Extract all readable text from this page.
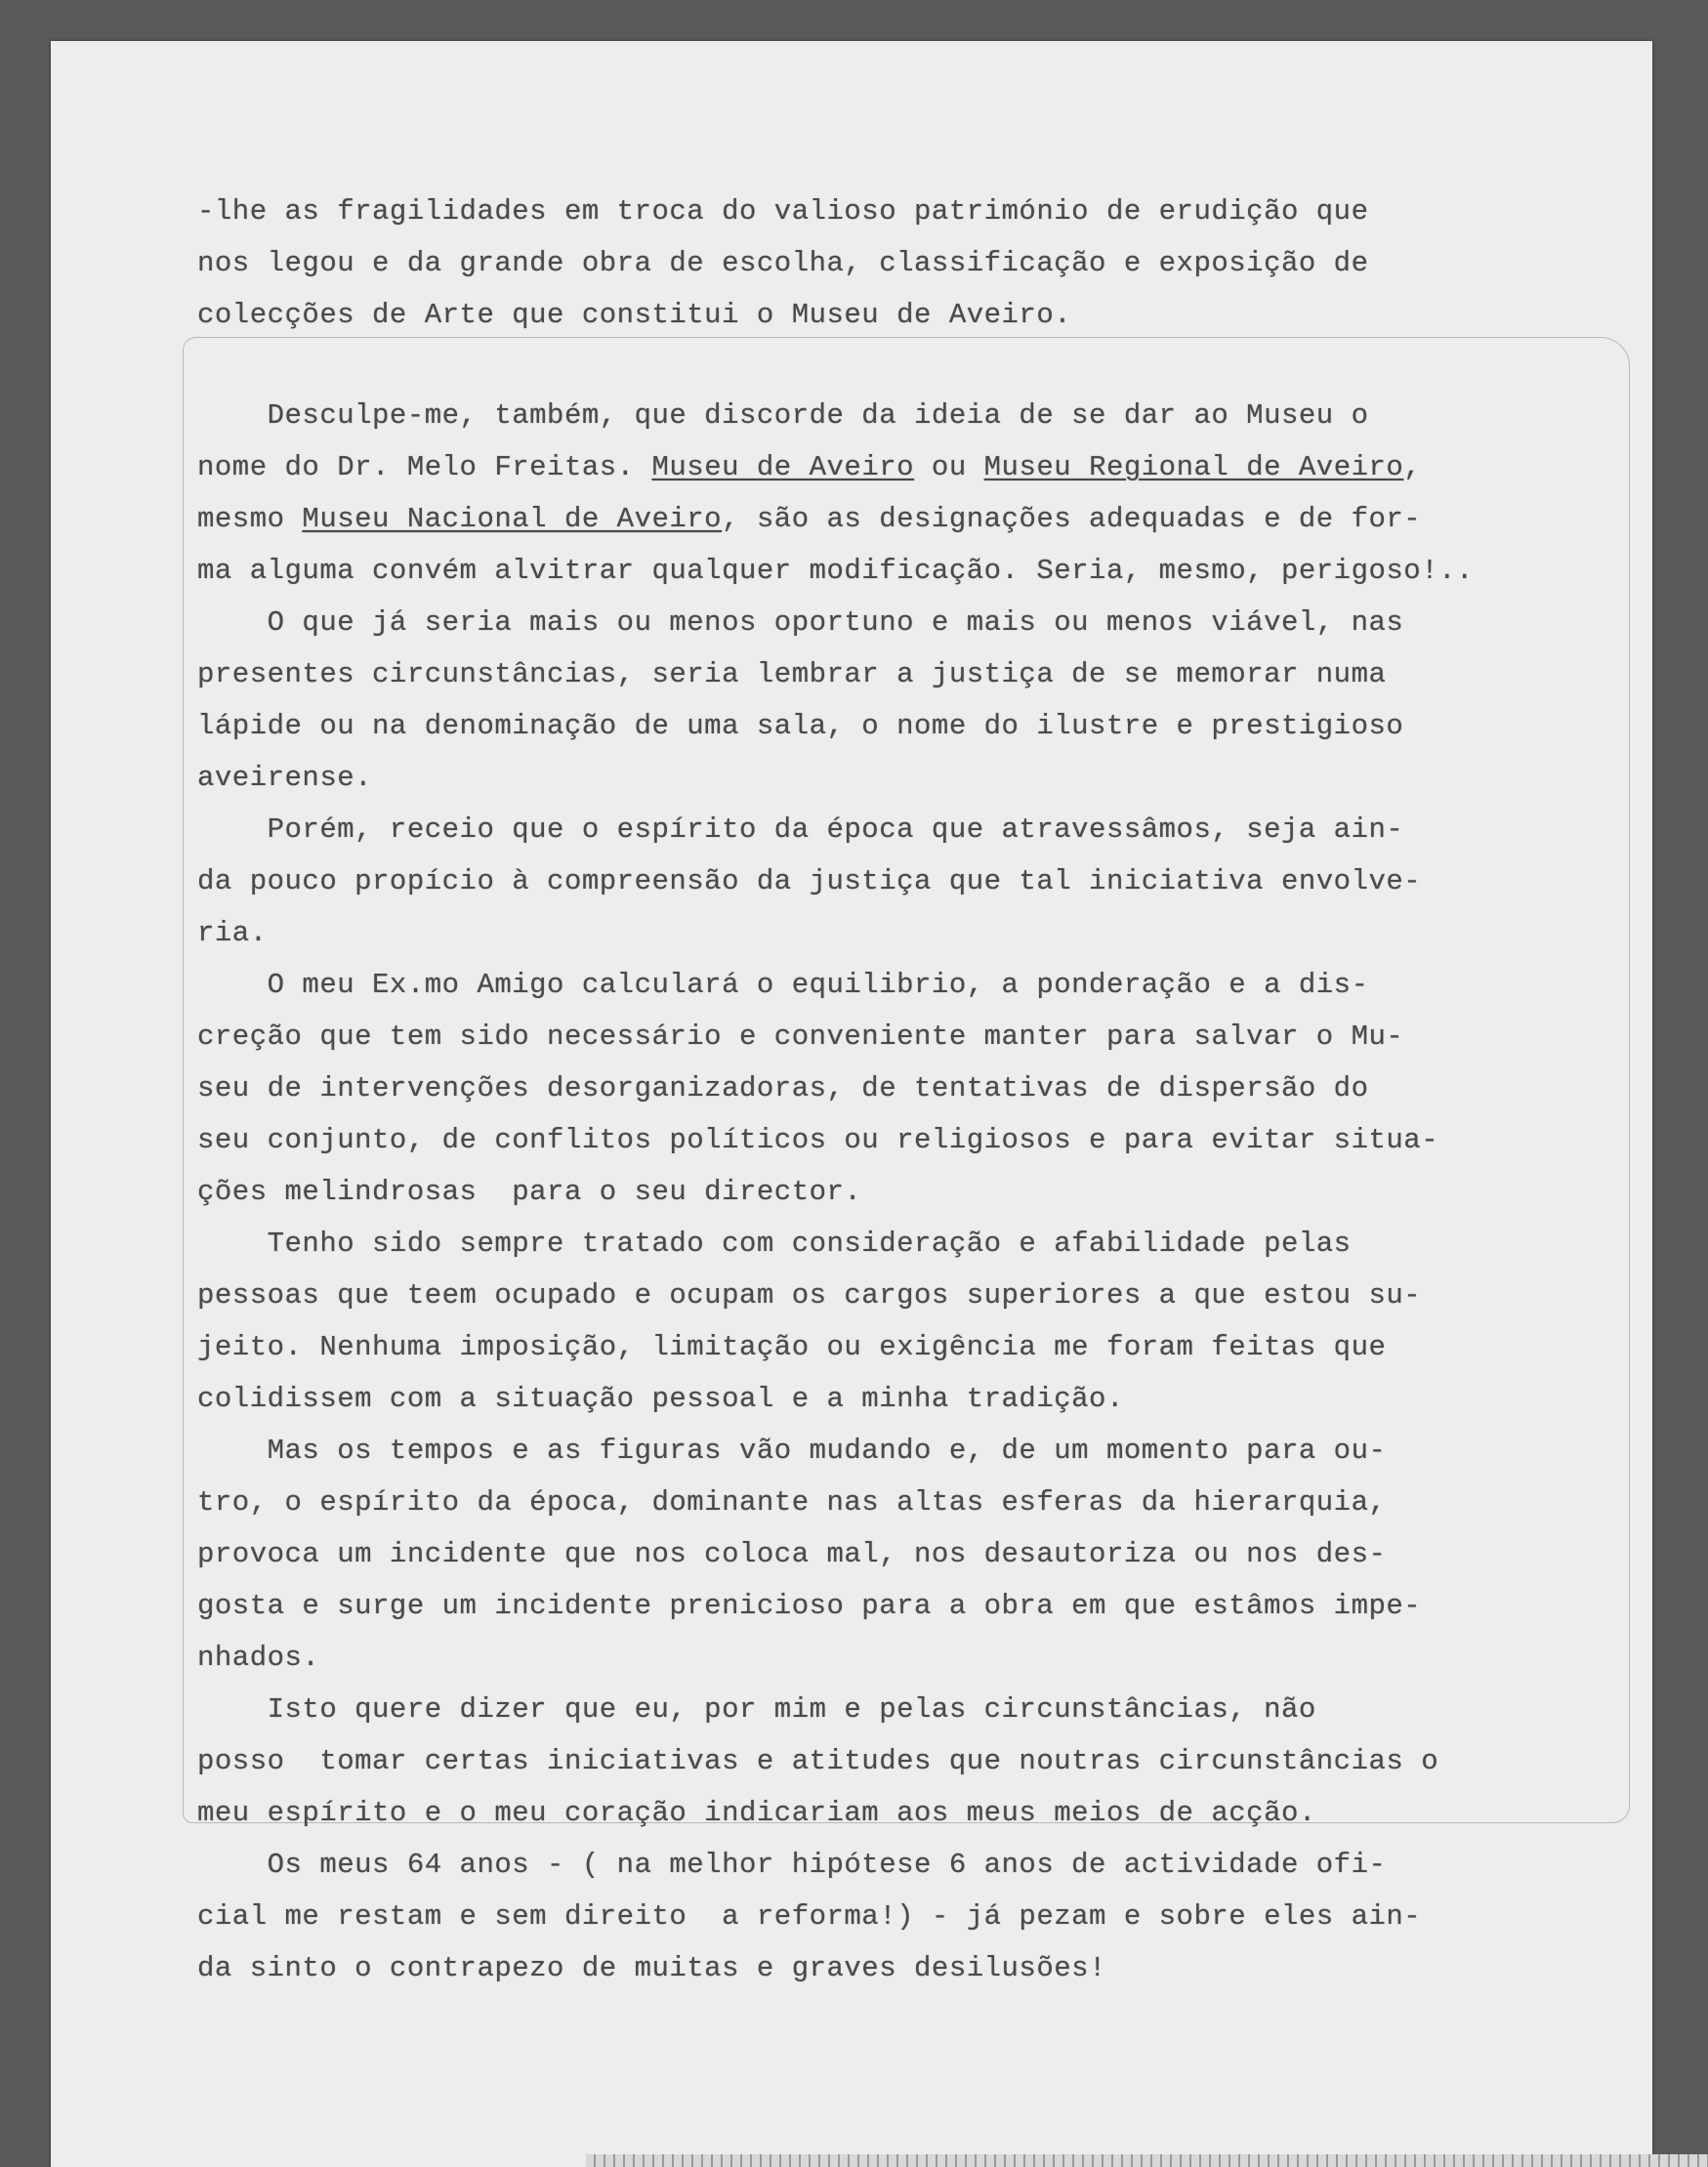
-lhe as fragilidades em troca do valioso património de erudição que
nos legou e da grande obra de escolha, classificação e exposição de
colecções de Arte que constitui o Museu de Aveiro.
Desculpe-me, também, que discorde da ideia de se dar ao Museu o
nome do Dr. Melo Freitas. Museu de Aveiro ou Museu Regional de Aveiro,
mesmo Museu Nacional de Aveiro, são as designações adequadas e de for-
ma alguma convém alvitrar qualquer modificação. Seria, mesmo, perigoso!..
O que já seria mais ou menos oportuno e mais ou menos viável, nas
presentes circunstâncias, seria lembrar a justiça de se memorar numa
lápide ou na denominação de uma sala, o nome do ilustre e prestigioso
aveirense.
Porém, receio que o espírito da época que atravessâmos, seja ain-
da pouco propício à compreensão da justiça que tal iniciativa envolve-
ria.
O meu Ex.mo Amigo calculará o equilibrio, a ponderação e a dis-
creção que tem sido necessário e conveniente manter para salvar o Mu-
seu de intervenções desorganizadoras, de tentativas de dispersão do
seu conjunto, de conflitos políticos ou religiosos e para evitar situa-
ções melindrosas  para o seu director.
Tenho sido sempre tratado com consideração e afabilidade pelas
pessoas que teem ocupado e ocupam os cargos superiores a que estou su-
jeito. Nenhuma imposição, limitação ou exigência me foram feitas que
colidissem com a situação pessoal e a minha tradição.
Mas os tempos e as figuras vão mudando e, de um momento para ou-
tro, o espírito da época, dominante nas altas esferas da hierarquia,
provoca um incidente que nos coloca mal, nos desautoriza ou nos des-
gosta e surge um incidente prenicioso para a obra em que estâmos impe-
nhados.
Isto quere dizer que eu, por mim e pelas circunstâncias, não
posso  tomar certas iniciativas e atitudes que noutras circunstâncias o
meu espírito e o meu coração indicariam aos meus meios de acção.
Os meus 64 anos - ( na melhor hipótese 6 anos de actividade ofi-
cial me restam e sem direito  a reforma!) - já pezam e sobre eles ain-
da sinto o contrapezo de muitas e graves desilusões!
